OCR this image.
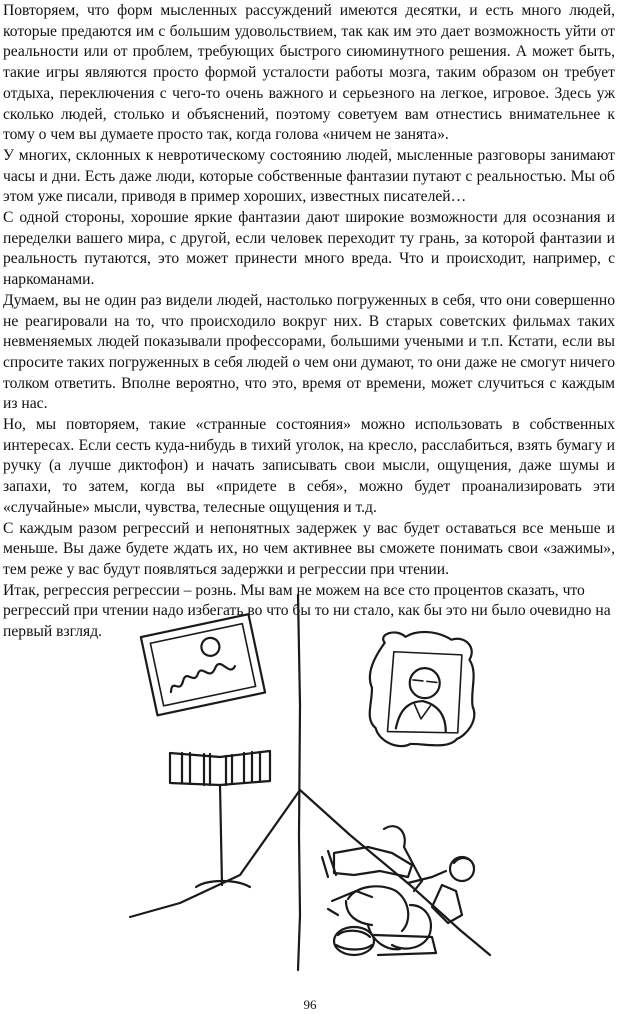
Повторяем, что форм мысленных рассуждений имеются десятки, и есть много людей, которые предаются им с большим удовольствием, так как им это дает возможность уйти от реальности или от проблем, требующих быстрого сиюминутного решения. А может быть, такие игры являются просто формой усталости работы мозга, таким образом он требует отдыха, переключения с чего-то очень важного и серьезного на легкое, игровое. Здесь уж сколько людей, столько и объяснений, поэтому советуем вам отнестись внимательнее к тому о чем вы думаете просто так, когда голова «ничем не занята».

У многих, склонных к невротическому состоянию людей, мысленные разговоры занимают часы и дни. Есть даже люди, которые собственные фантазии путают с реальностью. Мы об этом уже писали, приводя в пример хороших, известных писателей…

С одной стороны, хорошие яркие фантазии дают широкие возможности для осознания и переделки вашего мира, с другой, если человек переходит ту грань, за которой фантазии и реальность путаются, это может принести много вреда. Что и происходит, например, с наркоманами.

Думаем, вы не один раз видели людей, настолько погруженных в себя, что они совершенно не реагировали на то, что происходило вокруг них. В старых советских фильмах таких невменяемых людей показывали профессорами, большими учеными и т.п. Кстати, если вы спросите таких погруженных в себя людей о чем они думают, то они даже не смогут ничего толком ответить. Вполне вероятно, что это, время от времени, может случиться с каждым из нас.

Но, мы повторяем, такие «странные состояния» можно использовать в собственных интересах. Если сесть куда-нибудь в тихий уголок, на кресло, расслабиться, взять бумагу и ручку (а лучше диктофон) и начать записывать свои мысли, ощущения, даже шумы и запахи, то затем, когда вы «придете в себя», можно будет проанализировать эти «случайные» мысли, чувства, телесные ощущения и т.д.

С каждым разом регрессий и непонятных задержек у вас будет оставаться все меньше и меньше. Вы даже будете ждать их, но чем активнее вы сможете понимать свои «зажимы», тем реже у вас будут появляться задержки и регрессии при чтении.

Итак, регрессия регрессии – рознь. Мы вам не можем на все сто процентов сказать, что регрессий при чтении надо избегать во что бы то ни стало, как бы это ни было очевидно на первый взгляд.

96
